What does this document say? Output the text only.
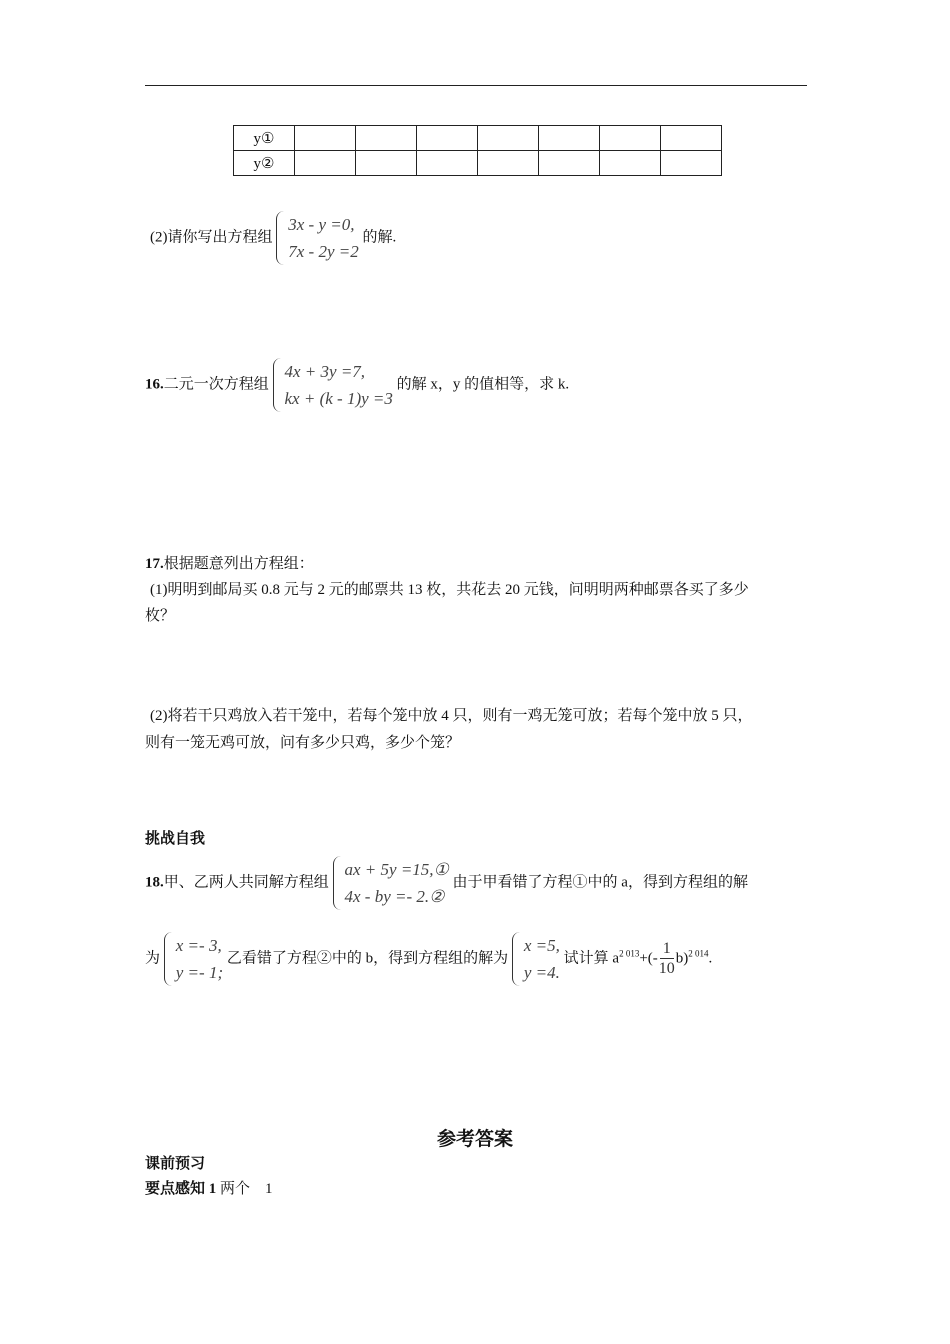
y①							
y②							
(2)请你写出方程组
3x - y =0,
7x - 2y =2
的解.
16.二元一次方程组
4x + 3y =7,
kx + (k - 1)y =3
的解 x，y 的值相等，求 k.
17.根据题意列出方程组：
(1)明明到邮局买 0.8 元与 2 元的邮票共 13 枚，共花去 20 元钱，问明明两种邮票各买了多少
枚？
(2)将若干只鸡放入若干笼中，若每个笼中放 4 只，则有一鸡无笼可放；若每个笼中放 5 只，
则有一笼无鸡可放，问有多少只鸡，多少个笼？
挑战自我
18.甲、乙两人共同解方程组
ax + 5y =15,①
4x - by =- 2.②
由于甲看错了方程①中的 a，得到方程组的解
为
x =- 3,
y =- 1;
乙看错了方程②中的 b，得到方程组的解为
x =5,
y =4.
试计算 $a^{2 013}+(- \frac{1}{10} b)^{2 014}$.
参考答案
课前预习
要点感知 1 两个    1
